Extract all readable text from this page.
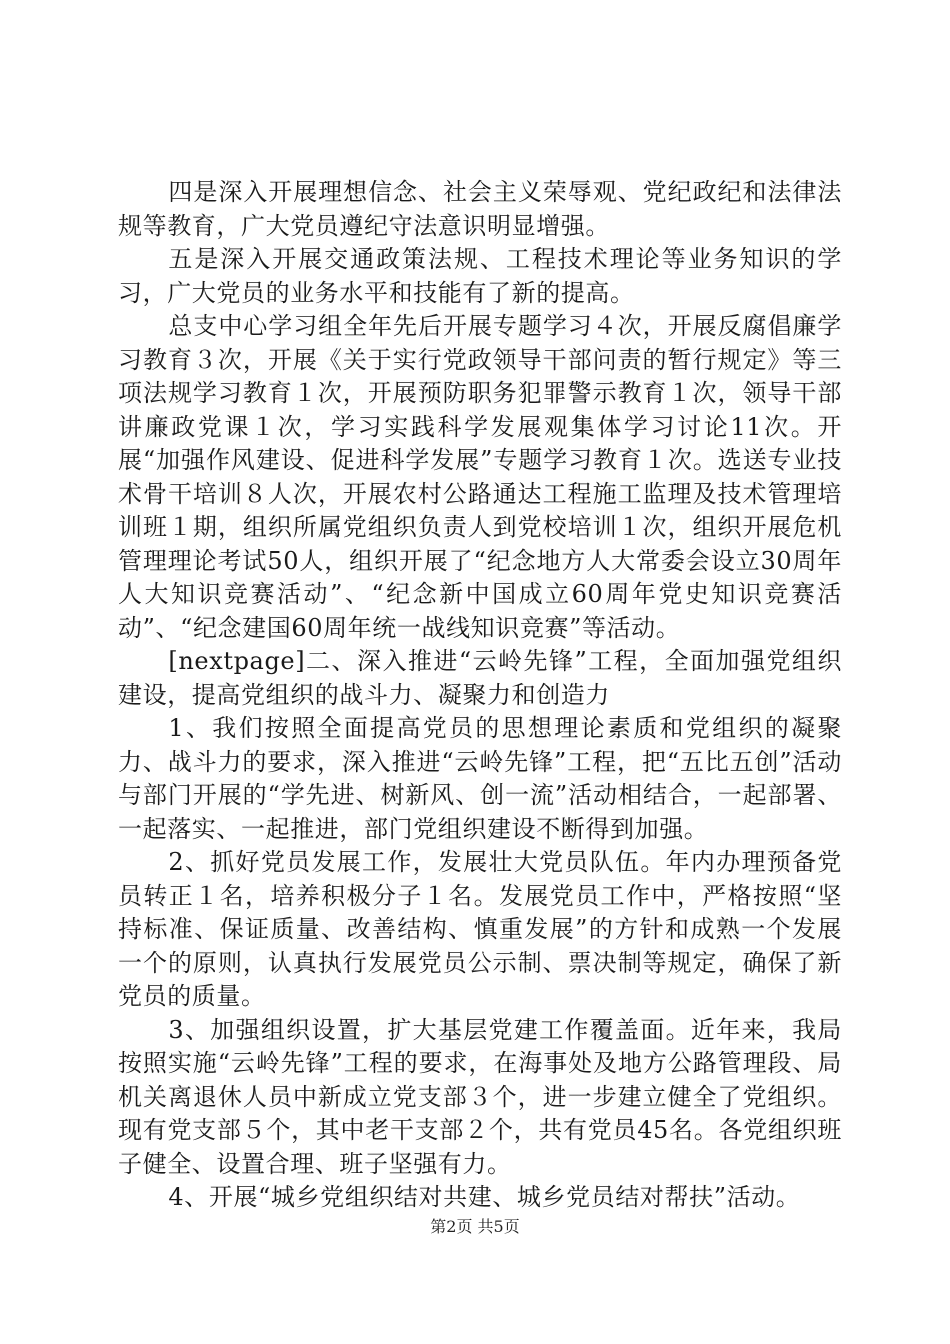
四是深入开展理想信念、社会主义荣辱观、党纪政纪和法律法规等教育，广大党员遵纪守法意识明显增强。

五是深入开展交通政策法规、工程技术理论等业务知识的学习，广大党员的业务水平和技能有了新的提高。

总支中心学习组全年先后开展专题学习４次，开展反腐倡廉学习教育３次，开展《关于实行党政领导干部问责的暂行规定》等三项法规学习教育１次，开展预防职务犯罪警示教育１次，领导干部讲廉政党课１次，学习实践科学发展观集体学习讨论11次。开展“加强作风建设、促进科学发展”专题学习教育１次。选送专业技术骨干培训８人次，开展农村公路通达工程施工监理及技术管理培训班１期，组织所属党组织负责人到党校培训１次，组织开展危机管理理论考试50人，组织开展了“纪念地方人大常委会设立30周年人大知识竞赛活动”、“纪念新中国成立60周年党史知识竞赛活动”、“纪念建国60周年统一战线知识竞赛”等活动。

[nextpage]二、深入推进“云岭先锋”工程，全面加强党组织建设，提高党组织的战斗力、凝聚力和创造力

1、我们按照全面提高党员的思想理论素质和党组织的凝聚力、战斗力的要求，深入推进“云岭先锋”工程，把“五比五创”活动与部门开展的“学先进、树新风、创一流”活动相结合，一起部署、一起落实、一起推进，部门党组织建设不断得到加强。

2、抓好党员发展工作，发展壮大党员队伍。年内办理预备党员转正１名，培养积极分子１名。发展党员工作中，严格按照“坚持标准、保证质量、改善结构、慎重发展”的方针和成熟一个发展一个的原则，认真执行发展党员公示制、票决制等规定，确保了新党员的质量。

3、加强组织设置，扩大基层党建工作覆盖面。近年来，我局按照实施“云岭先锋”工程的要求，在海事处及地方公路管理段、局机关离退休人员中新成立党支部３个，进一步建立健全了党组织。现有党支部５个，其中老干支部２个，共有党员45名。各党组织班子健全、设置合理、班子坚强有力。

4、开展“城乡党组织结对共建、城乡党员结对帮扶”活动。

第2页 共5页
